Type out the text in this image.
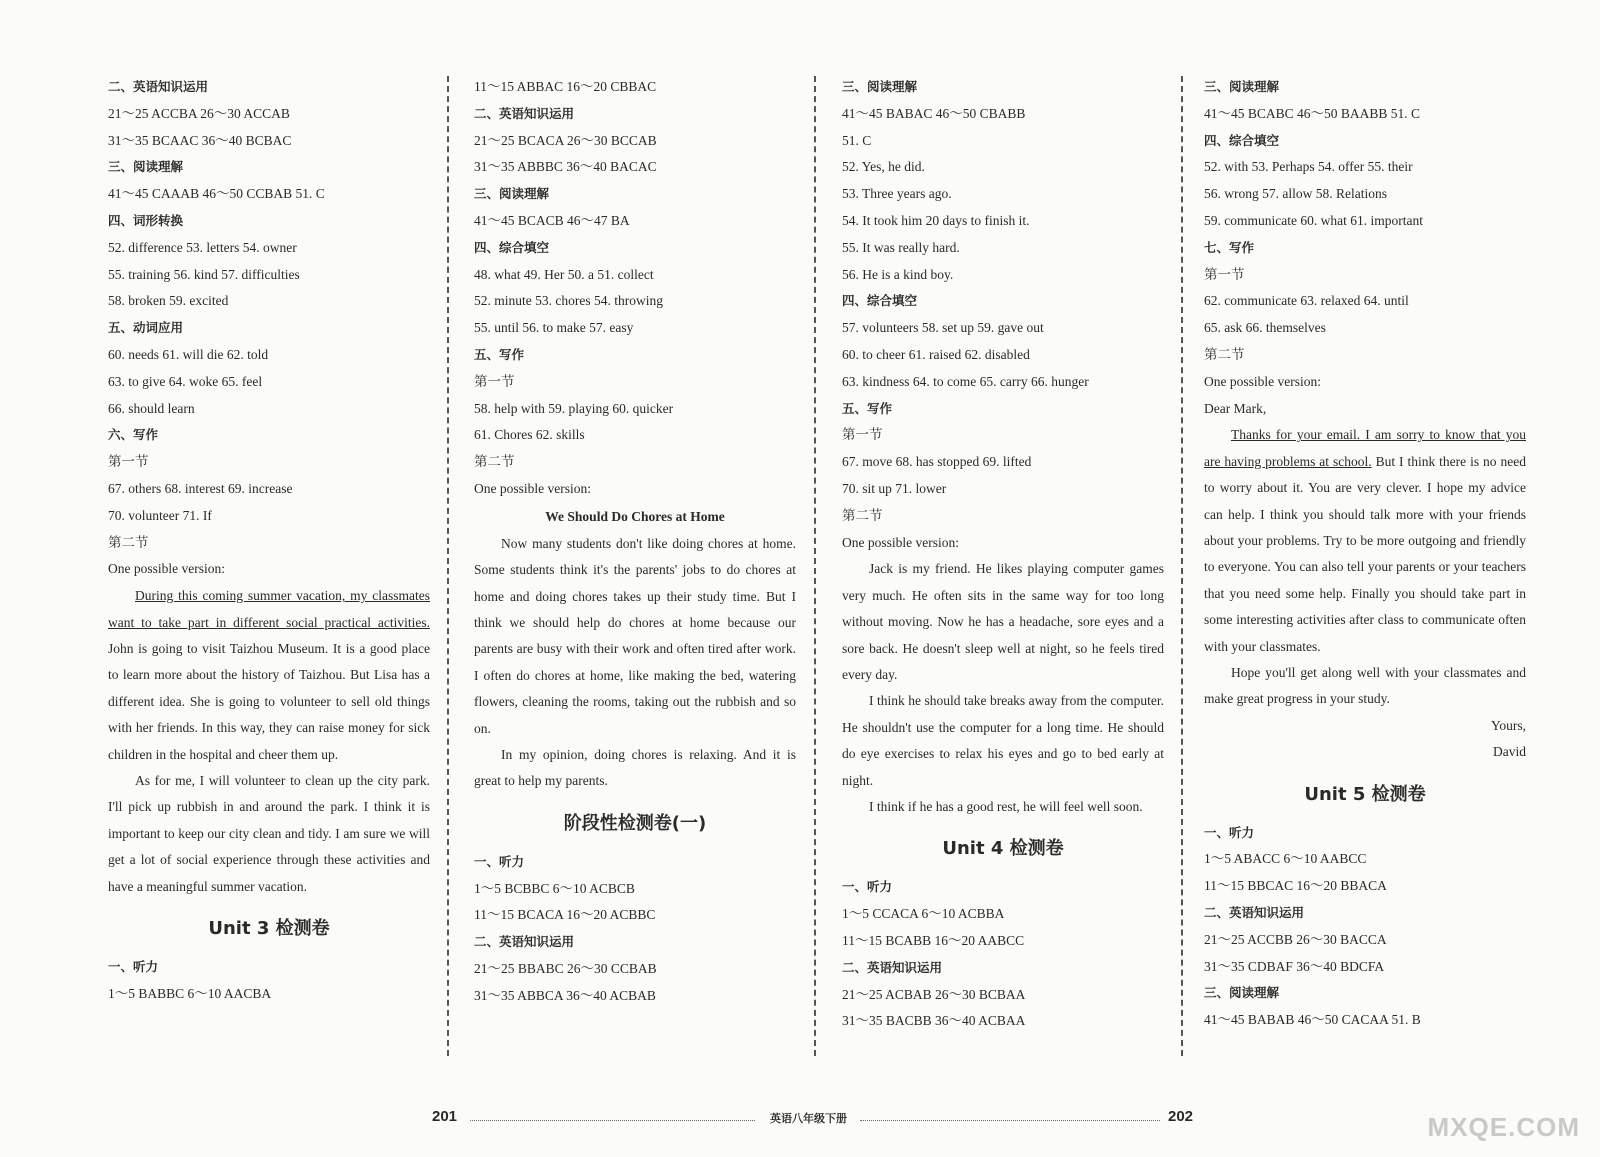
二、英语知识运用
21～25 ACCBA 26～30 ACCAB
31～35 BCAAC 36～40 BCBAC
三、阅读理解
41～45 CAAAB 46～50 CCBAB 51. C
四、词形转换
52. difference 53. letters 54. owner
55. training 56. kind 57. difficulties
58. broken 59. excited
五、动词应用
60. needs 61. will die 62. told
63. to give 64. woke 65. feel
66. should learn
六、写作
第一节
67. others 68. interest 69. increase
70. volunteer 71. If
第二节
One possible version:

During this coming summer vacation, my classmates want to take part in different social practical activities. John is going to visit Taizhou Museum. It is a good place to learn more about the history of Taizhou. But Lisa has a different idea. She is going to volunteer to sell old things with her friends. In this way, they can raise money for sick children in the hospital and cheer them up.

As for me, I will volunteer to clean up the city park. I'll pick up rubbish in and around the park. I think it is important to keep our city clean and tidy. I am sure we will get a lot of social experience through these activities and have a meaningful summer vacation.

Unit 3 检测卷
一、听力
1～5 BABBC 6～10 AACBA
11～15 ABBAC 16～20 CBBAC
二、英语知识运用
21～25 BCACA 26～30 BCCAB
31～35 ABBBC 36～40 BACAC
三、阅读理解
41～45 BCACB 46～47 BA
四、综合填空
48. what 49. Her 50. a 51. collect
52. minute 53. chores 54. throwing
55. until 56. to make 57. easy
五、写作
第一节
58. help with 59. playing 60. quicker
61. Chores 62. skills
第二节
One possible version:
We Should Do Chores at Home

Now many students don't like doing chores at home. Some students think it's the parents' jobs to do chores at home and doing chores takes up their study time. But I think we should help do chores at home because our parents are busy with their work and often tired after work. I often do chores at home, like making the bed, watering flowers, cleaning the rooms, taking out the rubbish and so on.

In my opinion, doing chores is relaxing. And it is great to help my parents.

阶段性检测卷(一)
一、听力
1～5 BCBBC 6～10 ACBCB
11～15 BCACA 16～20 ACBBC
二、英语知识运用
21～25 BBABC 26～30 CCBAB
31～35 ABBCA 36～40 ACBAB
三、阅读理解
41～45 BABAC 46～50 CBABB
51. C
52. Yes, he did.
53. Three years ago.
54. It took him 20 days to finish it.
55. It was really hard.
56. He is a kind boy.
四、综合填空
57. volunteers 58. set up 59. gave out
60. to cheer 61. raised 62. disabled
63. kindness 64. to come 65. carry 66. hunger
五、写作
第一节
67. move 68. has stopped 69. lifted
70. sit up 71. lower
第二节
One possible version:

Jack is my friend. He likes playing computer games very much. He often sits in the same way for too long without moving. Now he has a headache, sore eyes and a sore back. He doesn't sleep well at night, so he feels tired every day.

I think he should take breaks away from the computer. He shouldn't use the computer for a long time. He should do eye exercises to relax his eyes and go to bed early at night.

I think if he has a good rest, he will feel well soon.

Unit 4 检测卷
一、听力
1～5 CCACA 6～10 ACBBA
11～15 BCABB 16～20 AABCC
二、英语知识运用
21～25 ACBAB 26～30 BCBAA
31～35 BACBB 36～40 ACBAA
三、阅读理解
41～45 BCABC 46～50 BAABB 51. C
四、综合填空
52. with 53. Perhaps 54. offer 55. their
56. wrong 57. allow 58. Relations
59. communicate 60. what 61. important
七、写作
第一节
62. communicate 63. relaxed 64. until
65. ask 66. themselves
第二节
One possible version:
Dear Mark,

Thanks for your email. I am sorry to know that you are having problems at school. But I think there is no need to worry about it. You are very clever. I hope my advice can help. I think you should talk more with your friends about your problems. Try to be more outgoing and friendly to everyone. You can also tell your parents or your teachers that you need some help. Finally you should take part in some interesting activities after class to communicate often with your classmates.

Hope you'll get along well with your classmates and make great progress in your study.

Yours,
David
Unit 5 检测卷
一、听力
1～5 ABACC 6～10 AABCC
11～15 BBCAC 16～20 BBACA
二、英语知识运用
21～25 ACCBB 26～30 BACCA
31～35 CDBAF 36～40 BDCFA
三、阅读理解
41～45 BABAB 46～50 CACAA 51. B
201	英语八年级下册	202	MXQE.COM
